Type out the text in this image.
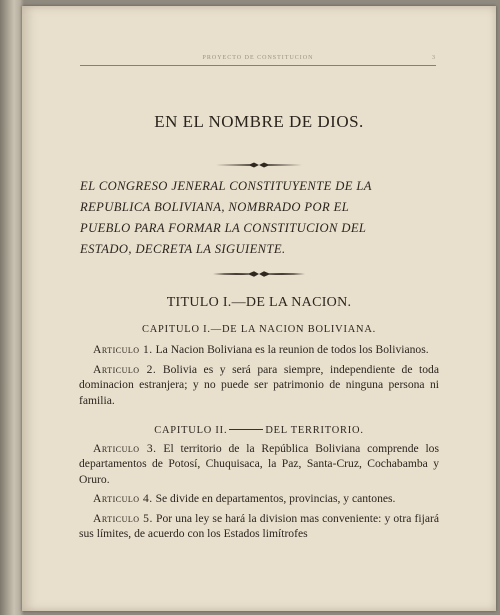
PROYECTO DE CONSTITUCION	3
EN EL NOMBRE DE DIOS.
EL CONGRESO JENERAL CONSTITUYENTE DE LA
REPUBLICA BOLIVIANA, NOMBRADO POR EL
PUEBLO PARA FORMAR LA CONSTITUCION DEL
ESTADO, DECRETA LA SIGUIENTE.
TITULO I.—DE LA NACION.
CAPITULO I.—DE LA NACION BOLIVIANA.

Articulo 1. La Nacion Boliviana es la reunion de todos los Bolivianos.

Articulo 2. Bolivia es y será para siempre, independiente de toda dominacion estranjera; y no puede ser patrimonio de ninguna persona ni familia.

CAPITULO II.	DEL TERRITORIO.

Articulo 3. El territorio de la República Boliviana comprende los departamentos de Potosí, Chuquisaca, la Paz, Santa-Cruz, Cochabamba y Oruro.

Articulo 4. Se divide en departamentos, provincias, y cantones.

Articulo 5. Por una ley se hará la division mas conveniente: y otra fijará sus límites, de acuerdo con los Estados limítrofes
